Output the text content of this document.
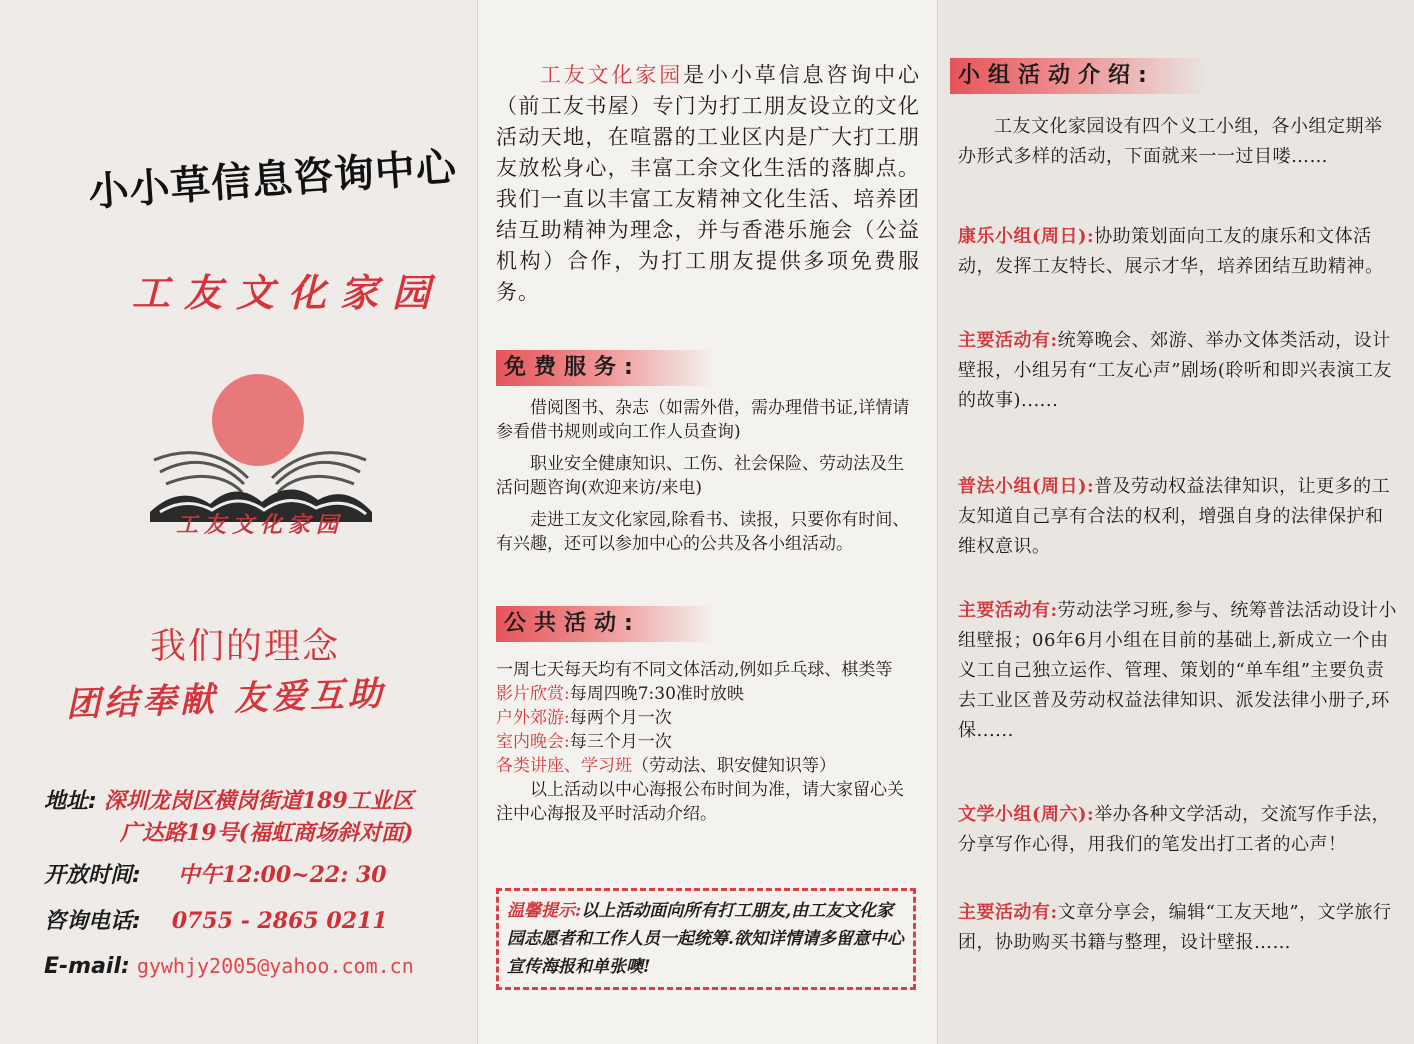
小小草信息咨询中心
工友文化家园
工友文化家园
我们的理念
团结奉献 友爱互助
地址: 深圳龙岗区横岗街道189工业区
广达路19号(福虹商场斜对面)
开放时间: 中午12:00~22: 30
咨询电话: 0755 - 2865 0211
E-mail: gywhjy2005@yahoo.com.cn
工友文化家园是小小草信息咨询中心（前工友书屋）专门为打工朋友设立的文化活动天地，在喧嚣的工业区内是广大打工朋友放松身心，丰富工余文化生活的落脚点。我们一直以丰富工友精神文化生活、培养团结互助精神为理念，并与香港乐施会（公益机构）合作，为打工朋友提供多项免费服务。
免费服务:

借阅图书、杂志（如需外借，需办理借书证,详情请参看借书规则或向工作人员查询)

职业安全健康知识、工伤、社会保险、劳动法及生活问题咨询(欢迎来访/来电)

走进工友文化家园,除看书、读报，只要你有时间、有兴趣，还可以参加中心的公共及各小组活动。

公共活动:

一周七天每天均有不同文体活动,例如乒乓球、棋类等

影片欣赏:每周四晚7:30准时放映

户外郊游:每两个月一次

室内晚会:每三个月一次

各类讲座、学习班（劳动法、职安健知识等）

以上活动以中心海报公布时间为准，请大家留心关注中心海报及平时活动介绍。

温馨提示:以上活动面向所有打工朋友,由工友文化家园志愿者和工作人员一起统筹.欲知详情请多留意中心宣传海报和单张噢!
小组活动介绍:

工友文化家园设有四个义工小组，各小组定期举办形式多样的活动，下面就来一一过目喽……

康乐小组(周日):协助策划面向工友的康乐和文体活动，发挥工友特长、展示才华，培养团结互助精神。

主要活动有:统筹晚会、郊游、举办文体类活动，设计壁报，小组另有“工友心声”剧场(聆听和即兴表演工友的故事)......

普法小组(周日):普及劳动权益法律知识，让更多的工友知道自己享有合法的权利，增强自身的法律保护和维权意识。

主要活动有:劳动法学习班,参与、统筹普法活动设计小组壁报；06年6月小组在目前的基础上,新成立一个由义工自己独立运作、管理、策划的“单车组”主要负责去工业区普及劳动权益法律知识、派发法律小册子,环保......

文学小组(周六):举办各种文学活动，交流写作手法，分享写作心得，用我们的笔发出打工者的心声！

主要活动有:文章分享会，编辑“工友天地”，文学旅行团，协助购买书籍与整理，设计壁报……
